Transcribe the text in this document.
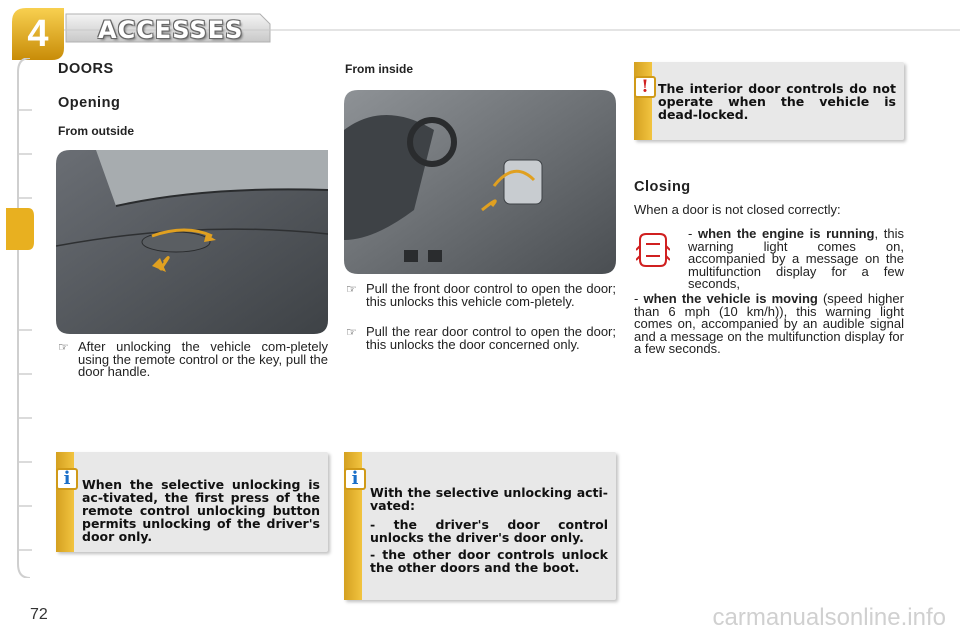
4	ACCESSES
DOORS
Opening
From outside
From inside
☞ After unlocking the vehicle com-pletely using the remote control or the key, pull the door handle.
☞ Pull the front door control to open the door; this unlocks this vehicle com-pletely.
☞ Pull the rear door control to open the door; this unlocks the door concerned only.
! The interior door controls do not operate when the vehicle is dead-locked.
Closing
When a door is not closed correctly:
- when the engine is running, this warning light comes on, accompanied by a message on the multifunction display for a few seconds,
- when the vehicle is moving (speed higher than 6 mph (10 km/h)), this warning light comes on, accompanied by an audible signal and a message on the multifunction display for a few seconds.
i When the selective unlocking is ac-tivated, the first press of the remote control unlocking button permits unlocking of the driver's door only.
i
With the selective unlocking acti-vated:
- the driver's door control unlocks the driver's door only.
- the other door controls unlock the other doors and the boot.
72	carmanualsonline.info
